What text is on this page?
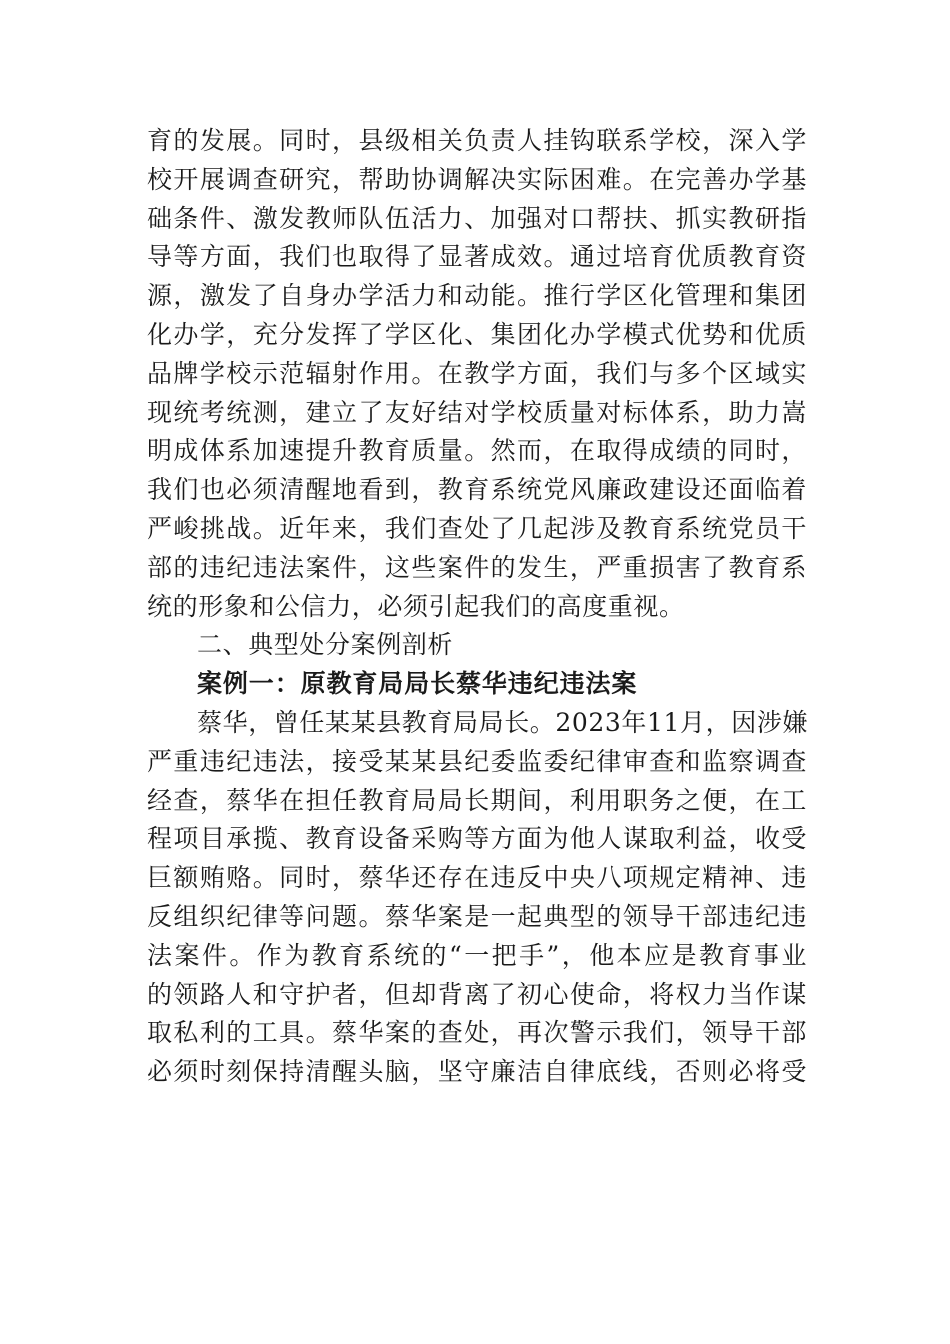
育的发展。同时，县级相关负责人挂钩联系学校，深入学
校开展调查研究，帮助协调解决实际困难。在完善办学基
础条件、激发教师队伍活力、加强对口帮扶、抓实教研指
导等方面，我们也取得了显著成效。通过培育优质教育资
源，激发了自身办学活力和动能。推行学区化管理和集团
化办学，充分发挥了学区化、集团化办学模式优势和优质
品牌学校示范辐射作用。在教学方面，我们与多个区域实
现统考统测，建立了友好结对学校质量对标体系，助力嵩
明成体系加速提升教育质量。然而，在取得成绩的同时，
我们也必须清醒地看到，教育系统党风廉政建设还面临着
严峻挑战。近年来，我们查处了几起涉及教育系统党员干
部的违纪违法案件，这些案件的发生，严重损害了教育系
统的形象和公信力，必须引起我们的高度重视。
二、典型处分案例剖析
案例一：原教育局局长蔡华违纪违法案
蔡华，曾任某某县教育局局长。2023年11月，因涉嫌
严重违纪违法，接受某某县纪委监委纪律审查和监察调查
经查，蔡华在担任教育局局长期间，利用职务之便，在工
程项目承揽、教育设备采购等方面为他人谋取利益，收受
巨额贿赂。同时，蔡华还存在违反中央八项规定精神、违
反组织纪律等问题。蔡华案是一起典型的领导干部违纪违
法案件。作为教育系统的“一把手”，他本应是教育事业
的领路人和守护者，但却背离了初心使命，将权力当作谋
取私利的工具。蔡华案的查处，再次警示我们，领导干部
必须时刻保持清醒头脑，坚守廉洁自律底线，否则必将受
